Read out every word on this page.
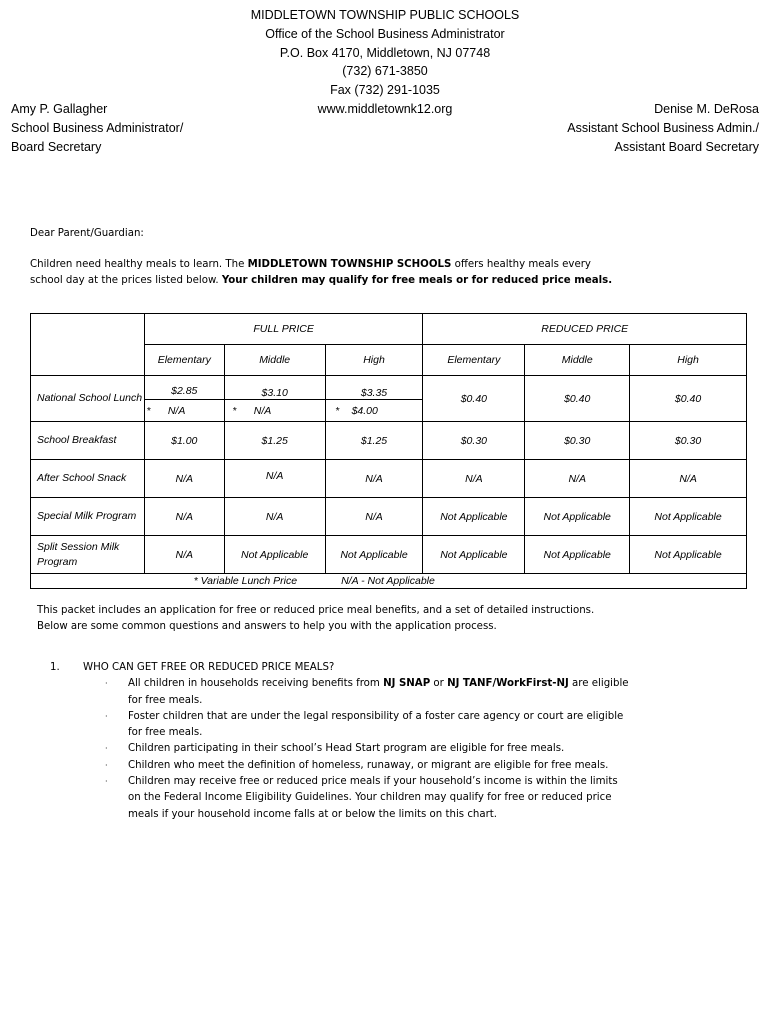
MIDDLETOWN TOWNSHIP PUBLIC SCHOOLS
Office of the School Business Administrator
P.O. Box 4170, Middletown, NJ 07748
(732) 671-3850
Fax (732) 291-1035
www.middletownk12.org
Amy P. Gallagher
School Business Administrator/
Board Secretary
Denise M. DeRosa
Assistant School Business Admin./
Assistant Board Secretary
Dear Parent/Guardian:
Children need healthy meals to learn. The MIDDLETOWN TOWNSHIP SCHOOLS offers healthy meals every school day at the prices listed below. Your children may qualify for free meals or for reduced price meals.
	FULL PRICE			REDUCED PRICE		
	Elementary	Middle	High	Elementary	Middle	High
National School Lunch	$2.85	$3.10	$3.35	$0.40	$0.40	$0.40
	* N/A	* N/A	* $4.00			
School Breakfast	$1.00	$1.25	$1.25	$0.30	$0.30	$0.30
After School Snack	N/A	N/A	N/A	N/A	N/A	N/A
Special Milk Program	N/A	N/A	N/A	Not Applicable	Not Applicable	Not Applicable
Split Session Milk Program	N/A	Not Applicable	Not Applicable	Not Applicable	Not Applicable	Not Applicable
* Variable Lunch Price			N/A - Not Applicable			
This packet includes an application for free or reduced price meal benefits, and a set of detailed instructions.
Below are some common questions and answers to help you with the application process.
1. WHO CAN GET FREE OR REDUCED PRICE MEALS?
· All children in households receiving benefits from NJ SNAP or NJ TANF/WorkFirst-NJ are eligible for free meals.
· Foster children that are under the legal responsibility of a foster care agency or court are eligible for free meals.
· Children participating in their school’s Head Start program are eligible for free meals.
· Children who meet the definition of homeless, runaway, or migrant are eligible for free meals.
· Children may receive free or reduced price meals if your household’s income is within the limits on the Federal Income Eligibility Guidelines. Your children may qualify for free or reduced price meals if your household income falls at or below the limits on this chart.
